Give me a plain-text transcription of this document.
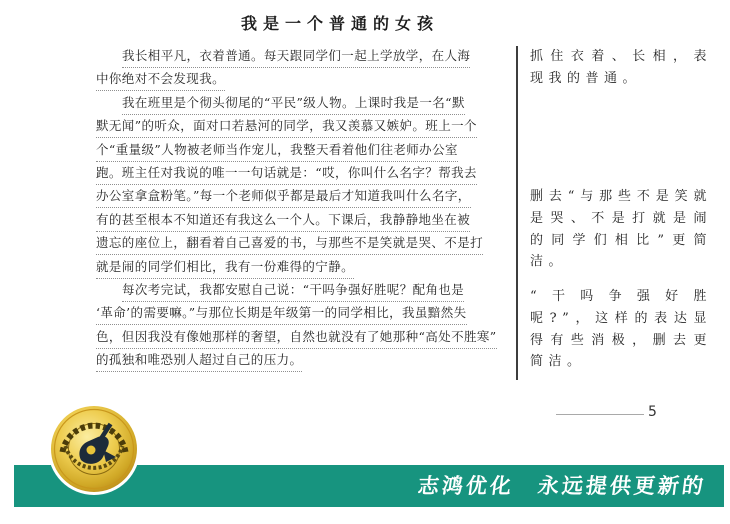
我是一个普通的女孩
我长相平凡，衣着普通。每天跟同学们一起上学放学，在人海
中你绝对不会发现我。
我在班里是个彻头彻尾的“平民”级人物。上课时我是一名“默
默无闻”的听众，面对口若悬河的同学，我又羡慕又嫉妒。班上一个
个“重量级”人物被老师当作宠儿，我整天看着他们往老师办公室
跑。班主任对我说的唯一一句话就是：“哎，你叫什么名字？帮我去
办公室拿盒粉笔。”每一个老师似乎都是最后才知道我叫什么名字，
有的甚至根本不知道还有我这么一个人。下课后，我静静地坐在被
遗忘的座位上，翻看着自己喜爱的书，与那些不是笑就是哭、不是打
就是闹的同学们相比，我有一份难得的宁静。
每次考完试，我都安慰自己说：“干吗争强好胜呢？配角也是
‘革命’的需要嘛。”与那位长期是年级第一的同学相比，我虽黯然失
色，但因我没有像她那样的奢望，自然也就没有了她那种“高处不胜寒”
的孤独和唯恐别人超过自己的压力。
抓住衣着、长相，表现我的普通。
删去“与那些不是笑就是哭、不是打就是闹的同学们相比”更简洁。
“干吗争强好胜呢?”，这样的表达显得有些消极，删去更简洁。
5
志鸿优化　永远提供更新的
